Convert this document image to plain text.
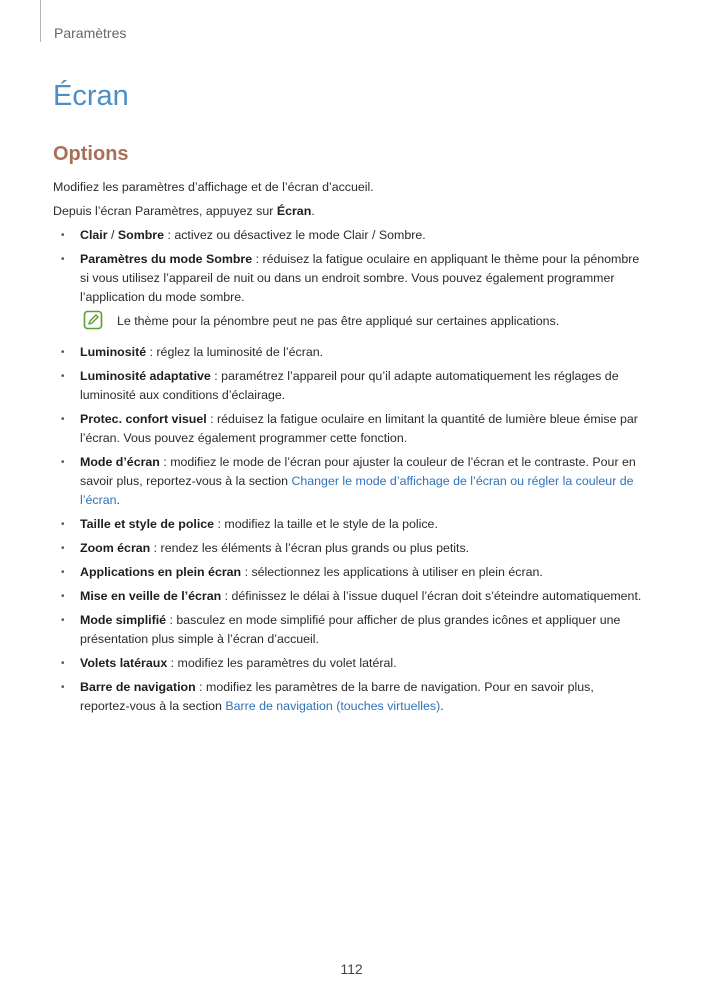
Paramètres
Écran
Options

Modifiez les paramètres d’affichage et de l’écran d’accueil.

Depuis l’écran Paramètres, appuyez sur Écran.

• Clair / Sombre : activez ou désactivez le mode Clair / Sombre.
• Paramètres du mode Sombre : réduisez la fatigue oculaire en appliquant le thème pour la pénombre si vous utilisez l’appareil de nuit ou dans un endroit sombre. Vous pouvez également programmer l’application du mode sombre.
Le thème pour la pénombre peut ne pas être appliqué sur certaines applications.
• Luminosité : réglez la luminosité de l’écran.
• Luminosité adaptative : paramétrez l’appareil pour qu’il adapte automatiquement les réglages de luminosité aux conditions d’éclairage.
• Protec. confort visuel : réduisez la fatigue oculaire en limitant la quantité de lumière bleue émise par l’écran. Vous pouvez également programmer cette fonction.
• Mode d’écran : modifiez le mode de l’écran pour ajuster la couleur de l’écran et le contraste. Pour en savoir plus, reportez-vous à la section Changer le mode d’affichage de l’écran ou régler la couleur de l’écran.
• Taille et style de police : modifiez la taille et le style de la police.
• Zoom écran : rendez les éléments à l’écran plus grands ou plus petits.
• Applications en plein écran : sélectionnez les applications à utiliser en plein écran.
• Mise en veille de l’écran : définissez le délai à l’issue duquel l’écran doit s’éteindre automatiquement.
• Mode simplifié : basculez en mode simplifié pour afficher de plus grandes icônes et appliquer une présentation plus simple à l’écran d’accueil.
• Volets latéraux : modifiez les paramètres du volet latéral.
• Barre de navigation : modifiez les paramètres de la barre de navigation. Pour en savoir plus, reportez-vous à la section Barre de navigation (touches virtuelles).
112
